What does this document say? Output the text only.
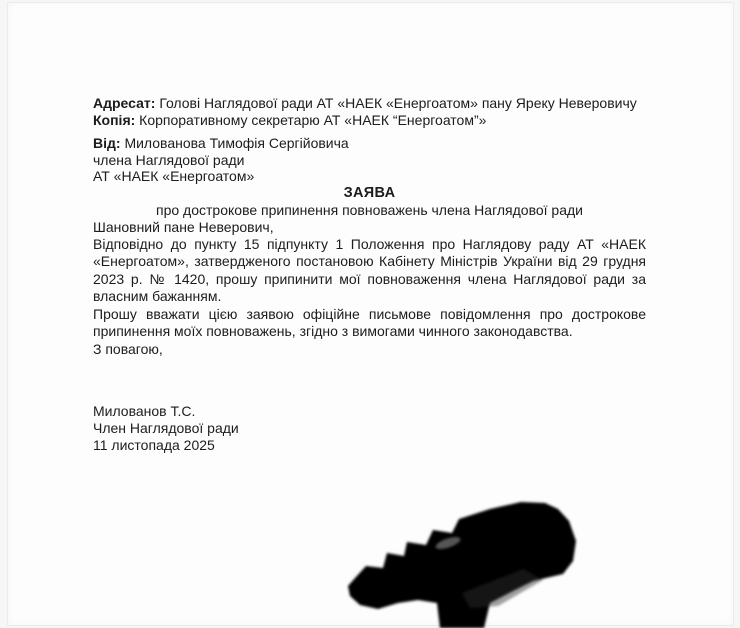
Адресат: Голові Наглядової ради АТ «НАЕК «Енергоатом» пану Яреку Неверовичу

Копія: Корпоративному секретарю АТ «НАЕК “Енергоатом”»

Від: Милованова Тимофія Сергійовича

члена Наглядової ради

АТ «НАЕК «Енергоатом»

ЗАЯВА

про дострокове припинення повноважень члена Наглядової ради

Шановний пане Неверович,

Відповідно до пункту 15 підпункту 1 Положення про Наглядову раду АТ «НАЕК «Енергоатом», затвердженого постановою Кабінету Міністрів України від 29 грудня 2023 р. № 1420, прошу припинити мої повноваження члена Наглядової ради за власним бажанням.

Прошу вважати цією заявою офіційне письмове повідомлення про дострокове припинення моїх повноважень, згідно з вимогами чинного законодавства.

З повагою,

Милованов Т.С.

Член Наглядової ради

11 листопада 2025
